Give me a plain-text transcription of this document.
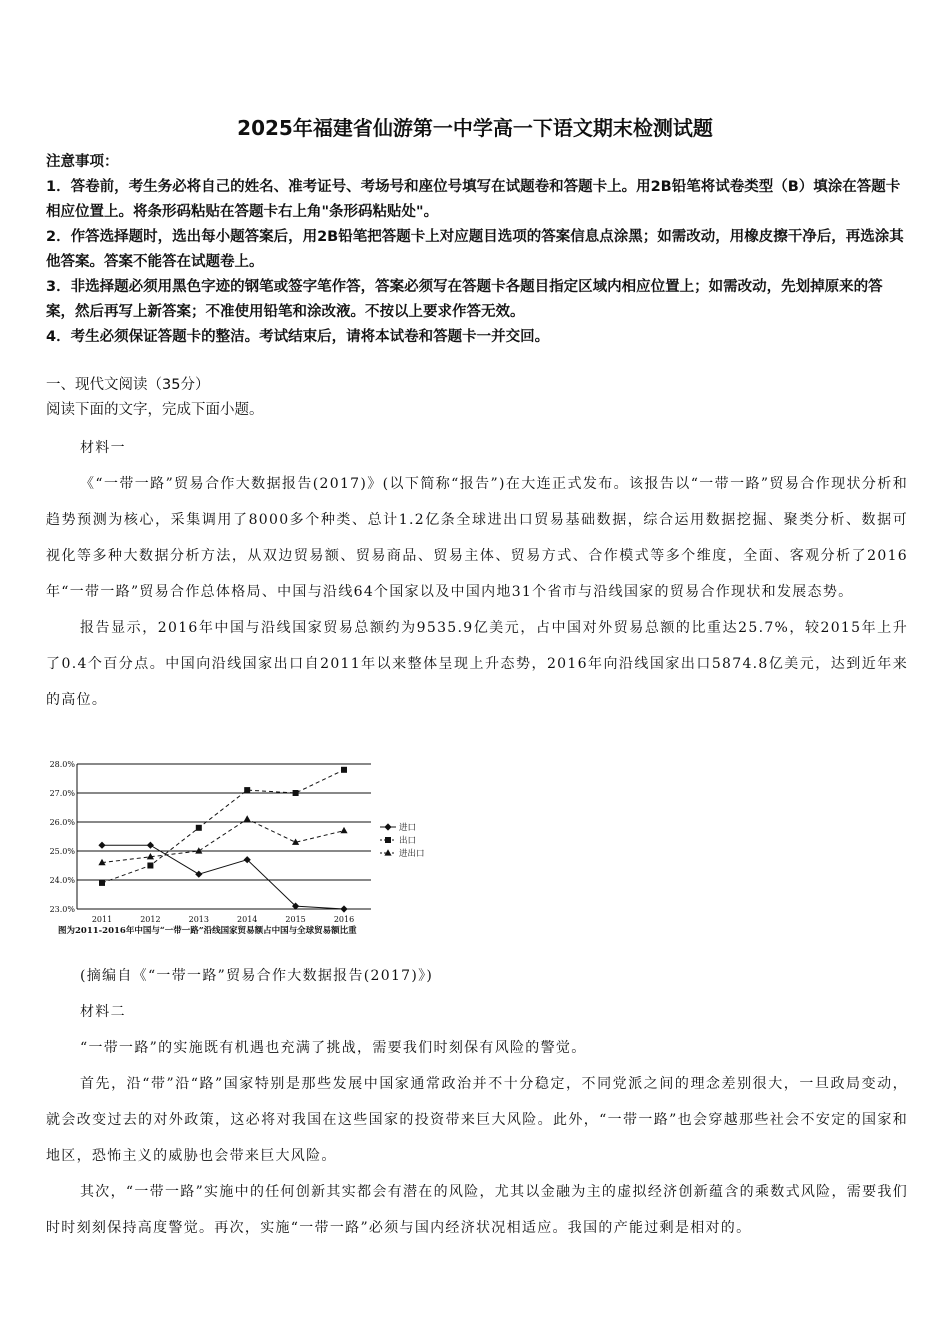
2025年福建省仙游第一中学高一下语文期末检测试题

注意事项：

1．答卷前，考生务必将自己的姓名、准考证号、考场号和座位号填写在试题卷和答题卡上。用2B铅笔将试卷类型（B）填涂在答题卡相应位置上。将条形码粘贴在答题卡右上角"条形码粘贴处"。

2．作答选择题时，选出每小题答案后，用2B铅笔把答题卡上对应题目选项的答案信息点涂黑；如需改动，用橡皮擦干净后，再选涂其他答案。答案不能答在试题卷上。

3．非选择题必须用黑色字迹的钢笔或签字笔作答，答案必须写在答题卡各题目指定区域内相应位置上；如需改动，先划掉原来的答案，然后再写上新答案；不准使用铅笔和涂改液。不按以上要求作答无效。

4．考生必须保证答题卡的整洁。考试结束后，请将本试卷和答题卡一并交回。

一、现代文阅读（35分）

阅读下面的文字，完成下面小题。

材料一

《“一带一路”贸易合作大数据报告(2017)》(以下简称“报告”)在大连正式发布。该报告以“一带一路”贸易合作现状分析和趋势预测为核心，采集调用了8000多个种类、总计1.2亿条全球进出口贸易基础数据，综合运用数据挖掘、聚类分析、数据可视化等多种大数据分析方法，从双边贸易额、贸易商品、贸易主体、贸易方式、合作模式等多个维度，全面、客观分析了2016年“一带一路”贸易合作总体格局、中国与沿线64个国家以及中国内地31个省市与沿线国家的贸易合作现状和发展态势。

报告显示，2016年中国与沿线国家贸易总额约为9535.9亿美元，占中国对外贸易总额的比重达25.7%，较2015年上升了0.4个百分点。中国向沿线国家出口自2011年以来整体呈现上升态势，2016年向沿线国家出口5874.8亿美元，达到近年来的高位。

23.0%
24.0%
25.0%
26.0%
27.0%
28.0%
2011	2012	2013	2014	2015	2016
进口
出口
进出口
图为2011-2016年中国与“一带一路”沿线国家贸易额占中国与全球贸易额比重

(摘编自《“一带一路”贸易合作大数据报告(2017)》)

材料二

“一带一路”的实施既有机遇也充满了挑战，需要我们时刻保有风险的警觉。

首先，沿“带”沿“路”国家特别是那些发展中国家通常政治并不十分稳定，不同党派之间的理念差别很大，一旦政局变动，就会改变过去的对外政策，这必将对我国在这些国家的投资带来巨大风险。此外，“一带一路”也会穿越那些社会不安定的国家和地区，恐怖主义的威胁也会带来巨大风险。

其次，“一带一路”实施中的任何创新其实都会有潜在的风险，尤其以金融为主的虚拟经济创新蕴含的乘数式风险，需要我们时时刻刻保持高度警觉。再次，实施“一带一路”必须与国内经济状况相适应。我国的产能过剩是相对的。
